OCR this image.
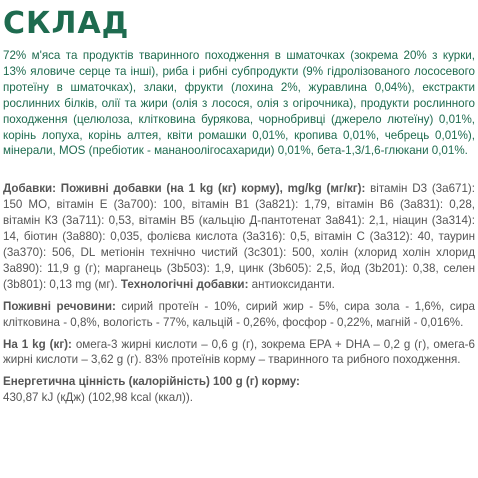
СКЛАД

72% м'яса та продуктів тваринного походження в шматочках (зокрема 20% з курки, 13% яловиче серце та інші), риба і рибні субпродукти (9% гідролізованого лососевого протеїну в шматочках), злаки, фрукти (лохина 2%, журавлина 0,04%), екстракти рослинних білків, олії та жири (олія з лосося, олія з огірочника), продукти рослинного походження (целюлоза, клітковина бурякова, чорнобривці (джерело лютеїну) 0,01%, корінь лопуха, корінь алтея, квіти ромашки 0,01%, кропива 0,01%, чебрець 0,01%), мінерали, MOS (пребіотик - мананоолігосахариди) 0,01%, бета-1,3/1,6-глюкани 0,01%.

Добавки: Поживні добавки (на 1 kg (кг) корму), mg/kg (мг/кг): вітамін D3 (3а671): 150 МО, вітамін Е (3а700): 100, вітамін В1 (3а821): 1,79, вітамін В6 (3а831): 0,28, вітамін К3 (3а711): 0,53, вітамін В5 (кальцію Д-пантотенат 3а841): 2,1, ніацин (3а314): 14, біотин (3а880): 0,035, фолієва кислота (3а316): 0,5, вітамін С (3а312): 40, таурин (3а370): 506, DL метіонін технічно чистий (3c301): 500, холін (хлорид холін хлорид 3а890): 11,9 g (г); марганець (3b503): 1,9, цинк (3b605): 2,5, йод (3b201): 0,38, селен (3b801): 0,13 mg (мг). Технологічні добавки: антиоксиданти.

Поживні речовини: сирий протеїн - 10%, сирий жир - 5%, сира зола - 1,6%, сира клітковина - 0,8%, вологість - 77%, кальцій - 0,26%, фосфор - 0,22%, магній - 0,016%.

На 1 kg (кг): омега-3 жирні кислоти – 0,6 g (г), зокрема EPA + DHA – 0,2 g (г), омега-6 жирні кислоти – 3,62 g (г). 83% протеїнів корму – тваринного та рибного походження.

Енергетична цінність (калорійність) 100 g (г) корму:
430,87 kJ (кДж) (102,98 kcal (ккал)).
